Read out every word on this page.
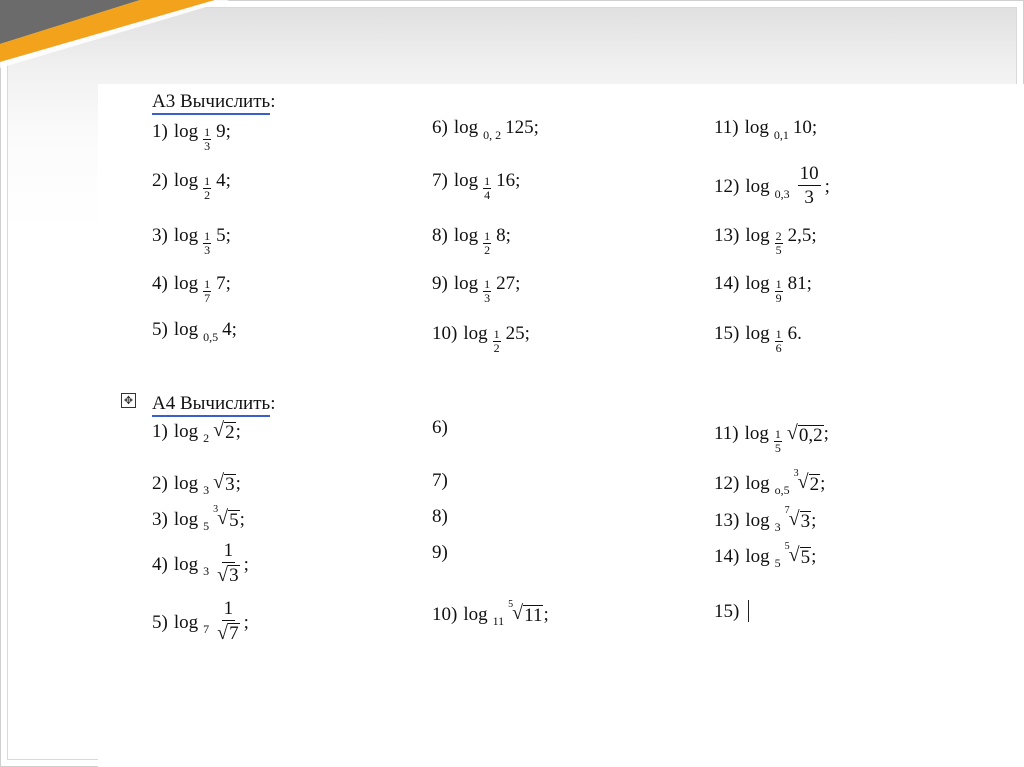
А3 Вычислить:
1) $\log \frac{1}{3} 9$;
2) $\log \frac{1}{2} 4$;
3) $\log \frac{1}{3} 5$;
4) $\log \frac{1}{7} 7$;
5) log 0,5 4;
6) log 0, 2 125;
7) $\log \frac{1}{4} 16$;
8) $\log \frac{1}{2} 8$;
9) $\log \frac{1}{3} 27$;
10) $\log \frac{1}{2} 25$;
11) log 0,1 10;
12) log 0,3
10
3
;
13) $\log \frac{2}{5} 2,5$;
14) $\log \frac{1}{9} 81$;
15) $\log \frac{1}{6} 6$.
✥ А4 Вычислить:
1) log 2 √ 2 ;
2) log 3 √ 3 ;
3) log 5
3 √ 5 ;
4) log 3
1
√ 3
;
5) log 7
1
√ 7
;
6)
7)
8)
9)
10) log 11
5 √ 11 ;
11) $\log \frac{1}{5}$ √ 0,2 ;
12) log o,5
3 √ 2 ;
13) log 3
7 √ 3 ;
14) log 5
5 √ 5 ;
15)
